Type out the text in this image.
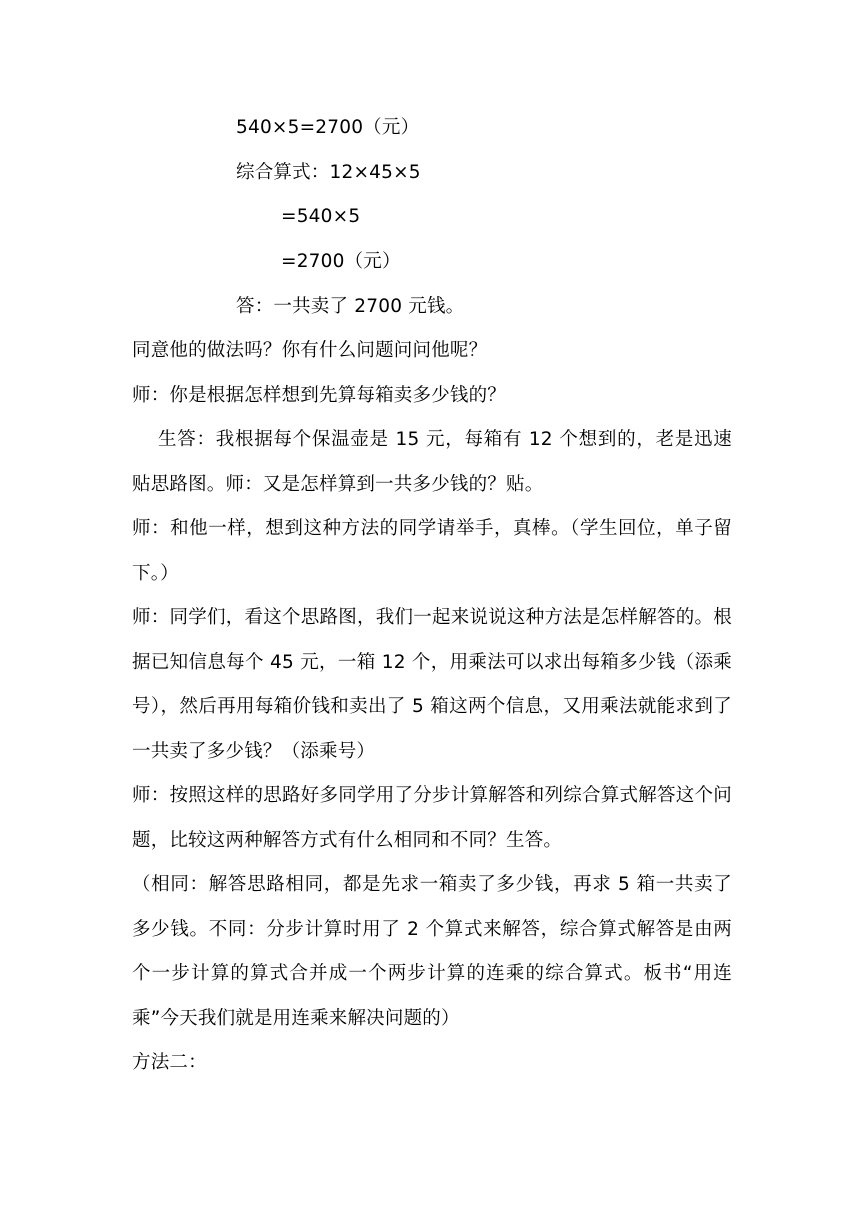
540×5=2700（元）
综合算式：12×45×5
=540×5
=2700（元）
答：一共卖了 2700 元钱。
同意他的做法吗？你有什么问题问问他呢？
师：你是根据怎样想到先算每箱卖多少钱的？
生答：我根据每个保温壶是 15 元，每箱有 12 个想到的，老是迅速贴思路图。师：又是怎样算到一共多少钱的？贴。
师：和他一样，想到这种方法的同学请举手，真棒。（学生回位，单子留下。）
师：同学们，看这个思路图，我们一起来说说这种方法是怎样解答的。根据已知信息每个 45 元，一箱 12 个，用乘法可以求出每箱多少钱（添乘号），然后再用每箱价钱和卖出了 5 箱这两个信息，又用乘法就能求到了一共卖了多少钱？（添乘号）
师：按照这样的思路好多同学用了分步计算解答和列综合算式解答这个问题，比较这两种解答方式有什么相同和不同？生答。
（相同：解答思路相同，都是先求一箱卖了多少钱，再求 5 箱一共卖了多少钱。不同：分步计算时用了 2 个算式来解答，综合算式解答是由两个一步计算的算式合并成一个两步计算的连乘的综合算式。板书“用连乘”今天我们就是用连乘来解决问题的）
方法二：
